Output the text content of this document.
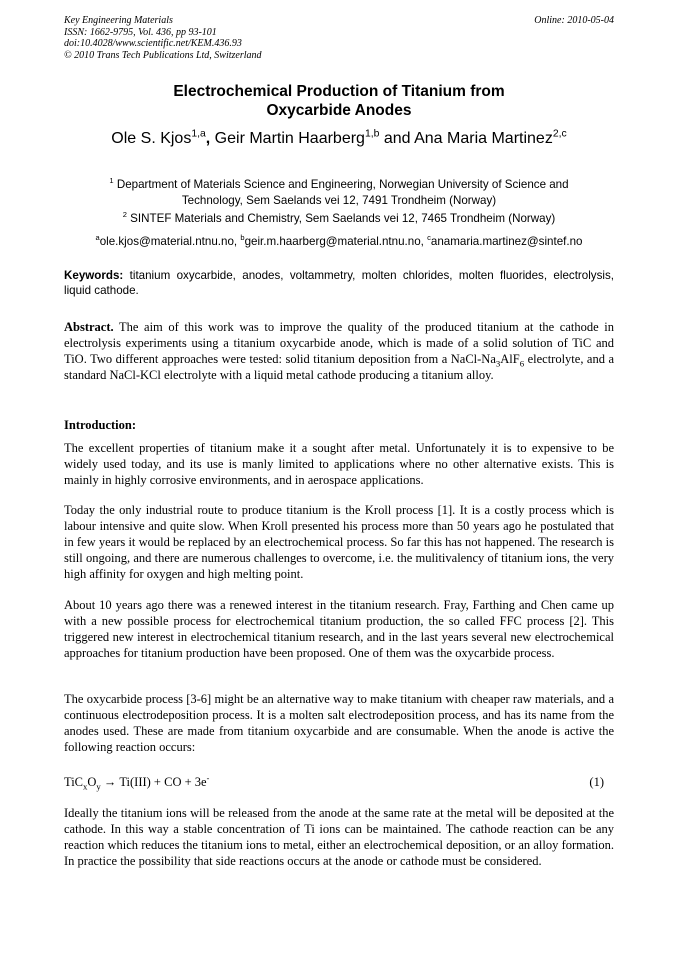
Key Engineering Materials
ISSN: 1662-9795, Vol. 436, pp 93-101
doi:10.4028/www.scientific.net/KEM.436.93
© 2010 Trans Tech Publications Ltd, Switzerland
Online: 2010-05-04
Electrochemical Production of Titanium from
Oxycarbide Anodes
Ole S. Kjos$^{1,a}$, Geir Martin Haarberg$^{1,b}$ and Ana Maria Martinez$^{2,c}$
$^1$ Department of Materials Science and Engineering, Norwegian University of Science and
Technology, Sem Saelands vei 12, 7491 Trondheim (Norway)
$^2$ SINTEF Materials and Chemistry, Sem Saelands vei 12, 7465 Trondheim (Norway)
$^a$ole.kjos@material.ntnu.no, $^b$geir.m.haarberg@material.ntnu.no, $^c$anamaria.martinez@sintef.no
Keywords: titanium oxycarbide, anodes, voltammetry, molten chlorides, molten fluorides, electrolysis, liquid cathode.
Abstract. The aim of this work was to improve the quality of the produced titanium at the cathode in electrolysis experiments using a titanium oxycarbide anode, which is made of a solid solution of TiC and TiO. Two different approaches were tested: solid titanium deposition from a NaCl-$Na_3AlF_6$ electrolyte, and a standard NaCl-KCl electrolyte with a liquid metal cathode producing a titanium alloy.
Introduction:
The excellent properties of titanium make it a sought after metal. Unfortunately it is to expensive to be widely used today, and its use is manly limited to applications where no other alternative exists. This is mainly in highly corrosive environments, and in aerospace applications.
Today the only industrial route to produce titanium is the Kroll process [1]. It is a costly process which is labour intensive and quite slow. When Kroll presented his process more than 50 years ago he postulated that in few years it would be replaced by an electrochemical process. So far this has not happened. The research is still ongoing, and there are numerous challenges to overcome, i.e. the mulitivalency of titanium ions, the very high affinity for oxygen and high melting point.
About 10 years ago there was a renewed interest in the titanium research. Fray, Farthing and Chen came up with a new possible process for electrochemical titanium production, the so called FFC process [2]. This triggered new interest in electrochemical titanium research, and in the last years several new electrochemical approaches for titanium production have been proposed. One of them was the oxycarbide process.
The oxycarbide process [3-6] might be an alternative way to make titanium with cheaper raw materials, and a continuous electrodeposition process. It is a molten salt electrodeposition process, and has its name from the anodes used. These are made from titanium oxycarbide and are consumable. When the anode is active the following reaction occurs:
$TiC_xO_y \to Ti(III)$ + CO + 3e-	(1)
Ideally the titanium ions will be released from the anode at the same rate at the metal will be deposited at the cathode. In this way a stable concentration of Ti ions can be maintained. The cathode reaction can be any reaction which reduces the titanium ions to metal, either an electrochemical deposition, or an alloy formation. In practice the possibility that side reactions occurs at the anode or cathode must be considered.
